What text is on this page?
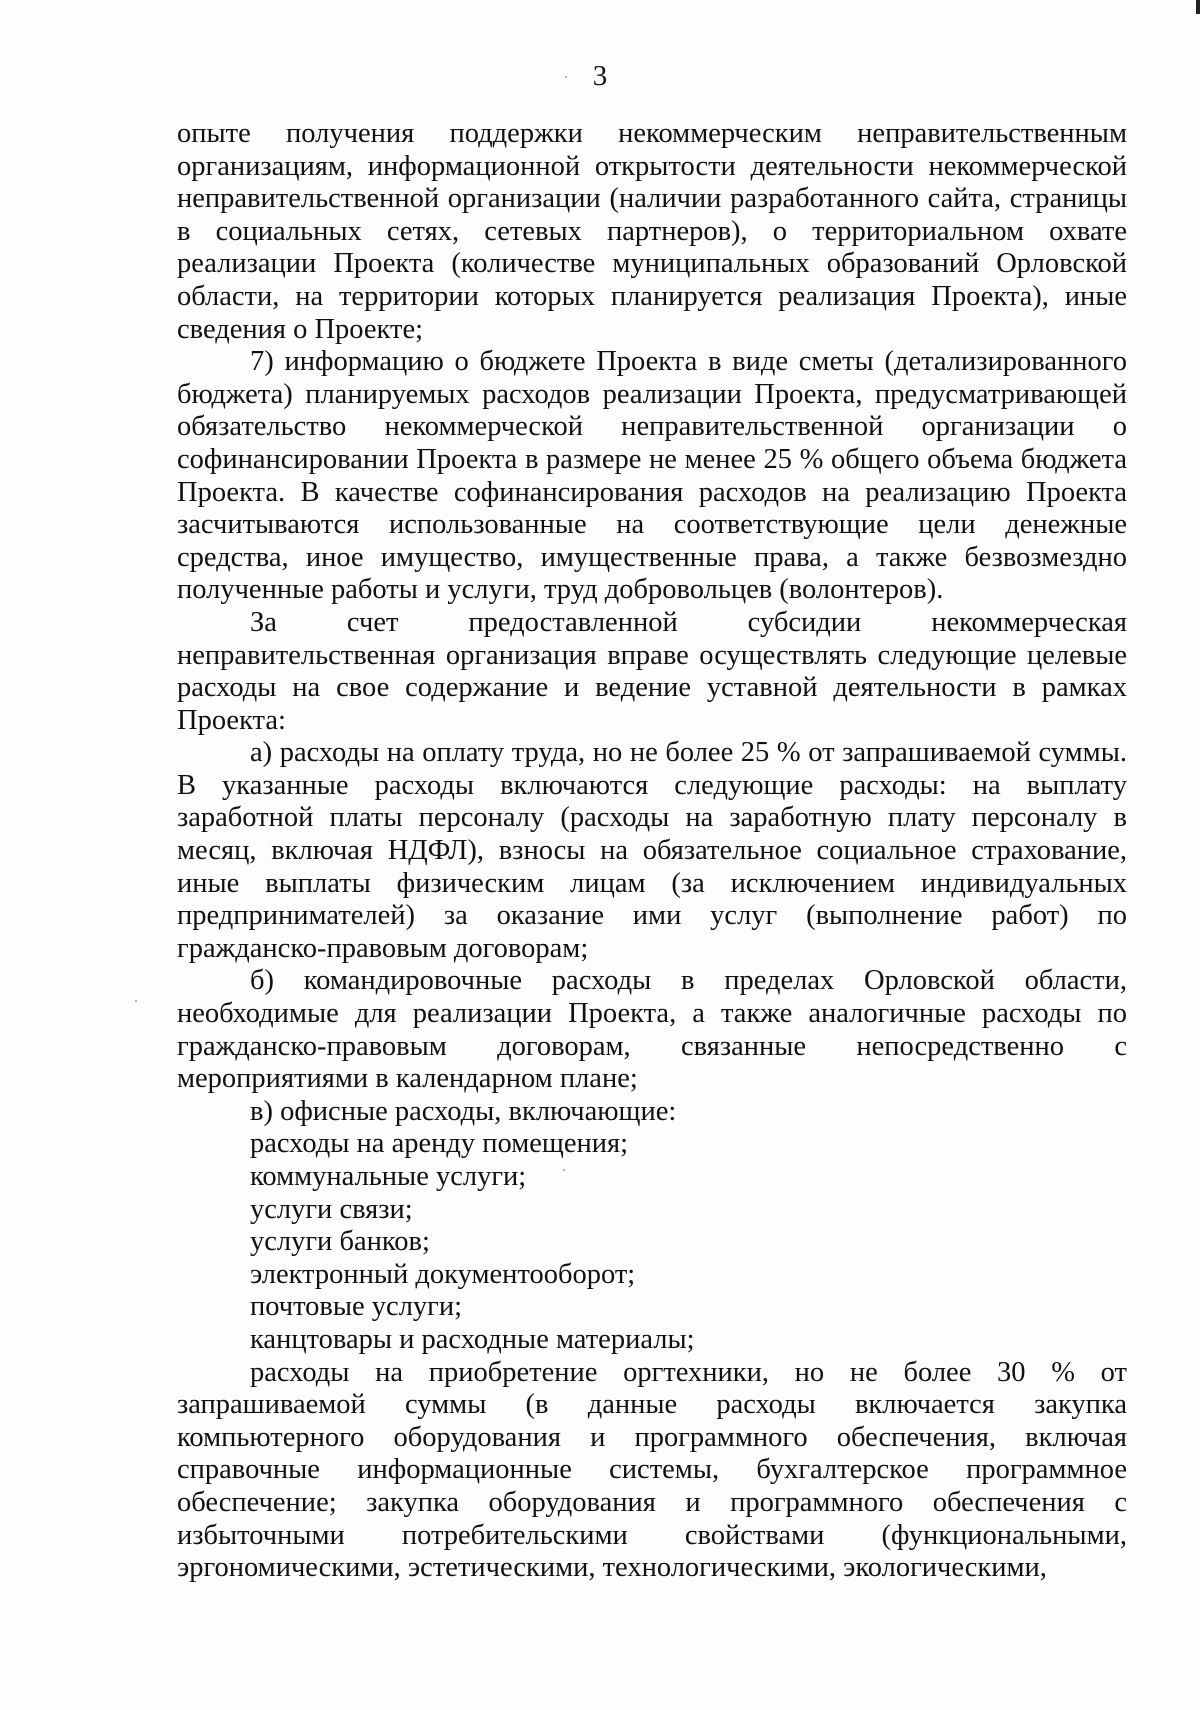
3

опыте получения поддержки некоммерческим неправительственным организациям, информационной открытости деятельности некоммерческой неправительственной организации (наличии разработанного сайта, страницы в социальных сетях, сетевых партнеров), о территориальном охвате реализации Проекта (количестве муниципальных образований Орловской области, на территории которых планируется реализация Проекта), иные сведения о Проекте;

7) информацию о бюджете Проекта в виде сметы (детализированного бюджета) планируемых расходов реализации Проекта, предусматривающей обязательство некоммерческой неправительственной организации о софинансировании Проекта в размере не менее 25 % общего объема бюджета Проекта. В качестве софинансирования расходов на реализацию Проекта засчитываются использованные на соответствующие цели денежные средства, иное имущество, имущественные права, а также безвозмездно полученные работы и услуги, труд добровольцев (волонтеров).

За счет предоставленной субсидии некоммерческая неправительственная организация вправе осуществлять следующие целевые расходы на свое содержание и ведение уставной деятельности в рамках Проекта:

а) расходы на оплату труда, но не более 25 % от запрашиваемой суммы. В указанные расходы включаются следующие расходы: на выплату заработной платы персоналу (расходы на заработную плату персоналу в месяц, включая НДФЛ), взносы на обязательное социальное страхование, иные выплаты физическим лицам (за исключением индивидуальных предпринимателей) за оказание ими услуг (выполнение работ) по гражданско-правовым договорам;

б) командировочные расходы в пределах Орловской области, необходимые для реализации Проекта, а также аналогичные расходы по гражданско-правовым договорам, связанные непосредственно с мероприятиями в календарном плане;

в) офисные расходы, включающие:

расходы на аренду помещения;

коммунальные услуги;

услуги связи;

услуги банков;

электронный документооборот;

почтовые услуги;

канцтовары и расходные материалы;

расходы на приобретение оргтехники, но не более 30 % от запрашиваемой суммы (в данные расходы включается закупка компьютерного оборудования и программного обеспечения, включая справочные информационные системы, бухгалтерское программное обеспечение; закупка оборудования и программного обеспечения с избыточными потребительскими свойствами (функциональными, эргономическими, эстетическими, технологическими, экологическими,
